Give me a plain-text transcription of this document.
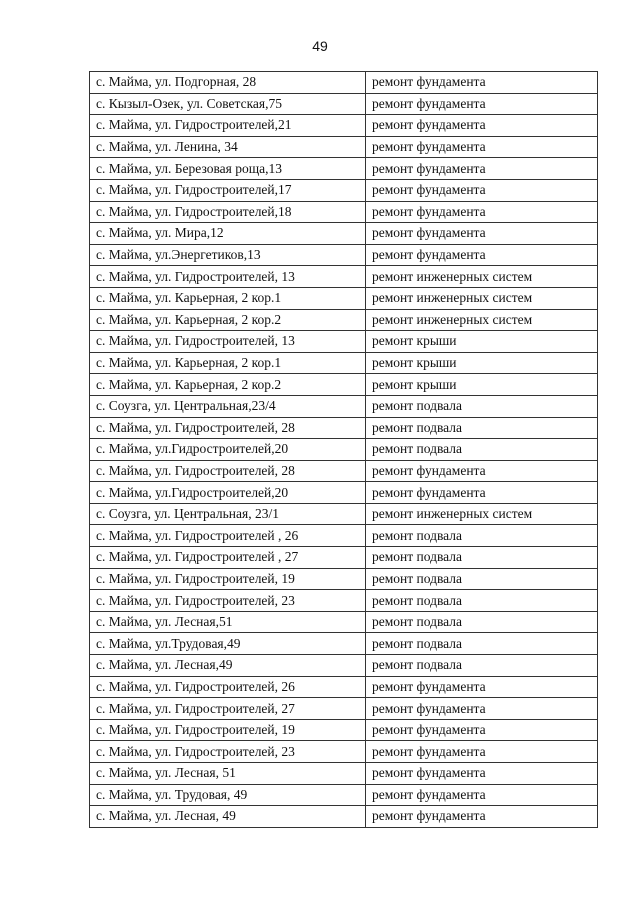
49
с. Майма, ул. Подгорная, 28	ремонт фундамента
с. Кызыл-Озек, ул. Советская,75	ремонт фундамента
с. Майма, ул. Гидростроителей,21	ремонт фундамента
с. Майма, ул. Ленина, 34	ремонт фундамента
с. Майма, ул. Березовая роща,13	ремонт фундамента
с. Майма, ул. Гидростроителей,17	ремонт фундамента
с. Майма, ул. Гидростроителей,18	ремонт фундамента
с. Майма, ул. Мира,12	ремонт фундамента
с. Майма, ул.Энергетиков,13	ремонт фундамента
с. Майма, ул. Гидростроителей, 13	ремонт инженерных систем
с. Майма, ул. Карьерная, 2 кор.1	ремонт инженерных систем
с. Майма, ул. Карьерная, 2 кор.2	ремонт инженерных систем
с. Майма, ул. Гидростроителей, 13	ремонт крыши
с. Майма, ул. Карьерная, 2 кор.1	ремонт крыши
с. Майма, ул. Карьерная, 2 кор.2	ремонт крыши
с. Соузга, ул. Центральная,23/4	ремонт подвала
с. Майма, ул. Гидростроителей, 28	ремонт подвала
с. Майма, ул.Гидростроителей,20	ремонт подвала
с. Майма, ул. Гидростроителей, 28	ремонт фундамента
с. Майма, ул.Гидростроителей,20	ремонт фундамента
с. Соузга, ул. Центральная, 23/1	ремонт инженерных систем
с. Майма, ул. Гидростроителей , 26	ремонт подвала
с. Майма, ул. Гидростроителей , 27	ремонт подвала
с. Майма, ул. Гидростроителей, 19	ремонт подвала
с. Майма, ул. Гидростроителей, 23	ремонт подвала
с. Майма, ул. Лесная,51	ремонт подвала
с. Майма, ул.Трудовая,49	ремонт подвала
с. Майма, ул. Лесная,49	ремонт подвала
с. Майма, ул. Гидростроителей, 26	ремонт фундамента
с. Майма, ул. Гидростроителей, 27	ремонт фундамента
с. Майма, ул. Гидростроителей, 19	ремонт фундамента
с. Майма, ул. Гидростроителей, 23	ремонт фундамента
с. Майма, ул. Лесная, 51	ремонт фундамента
с. Майма, ул. Трудовая, 49	ремонт фундамента
с. Майма, ул. Лесная, 49	ремонт фундамента
